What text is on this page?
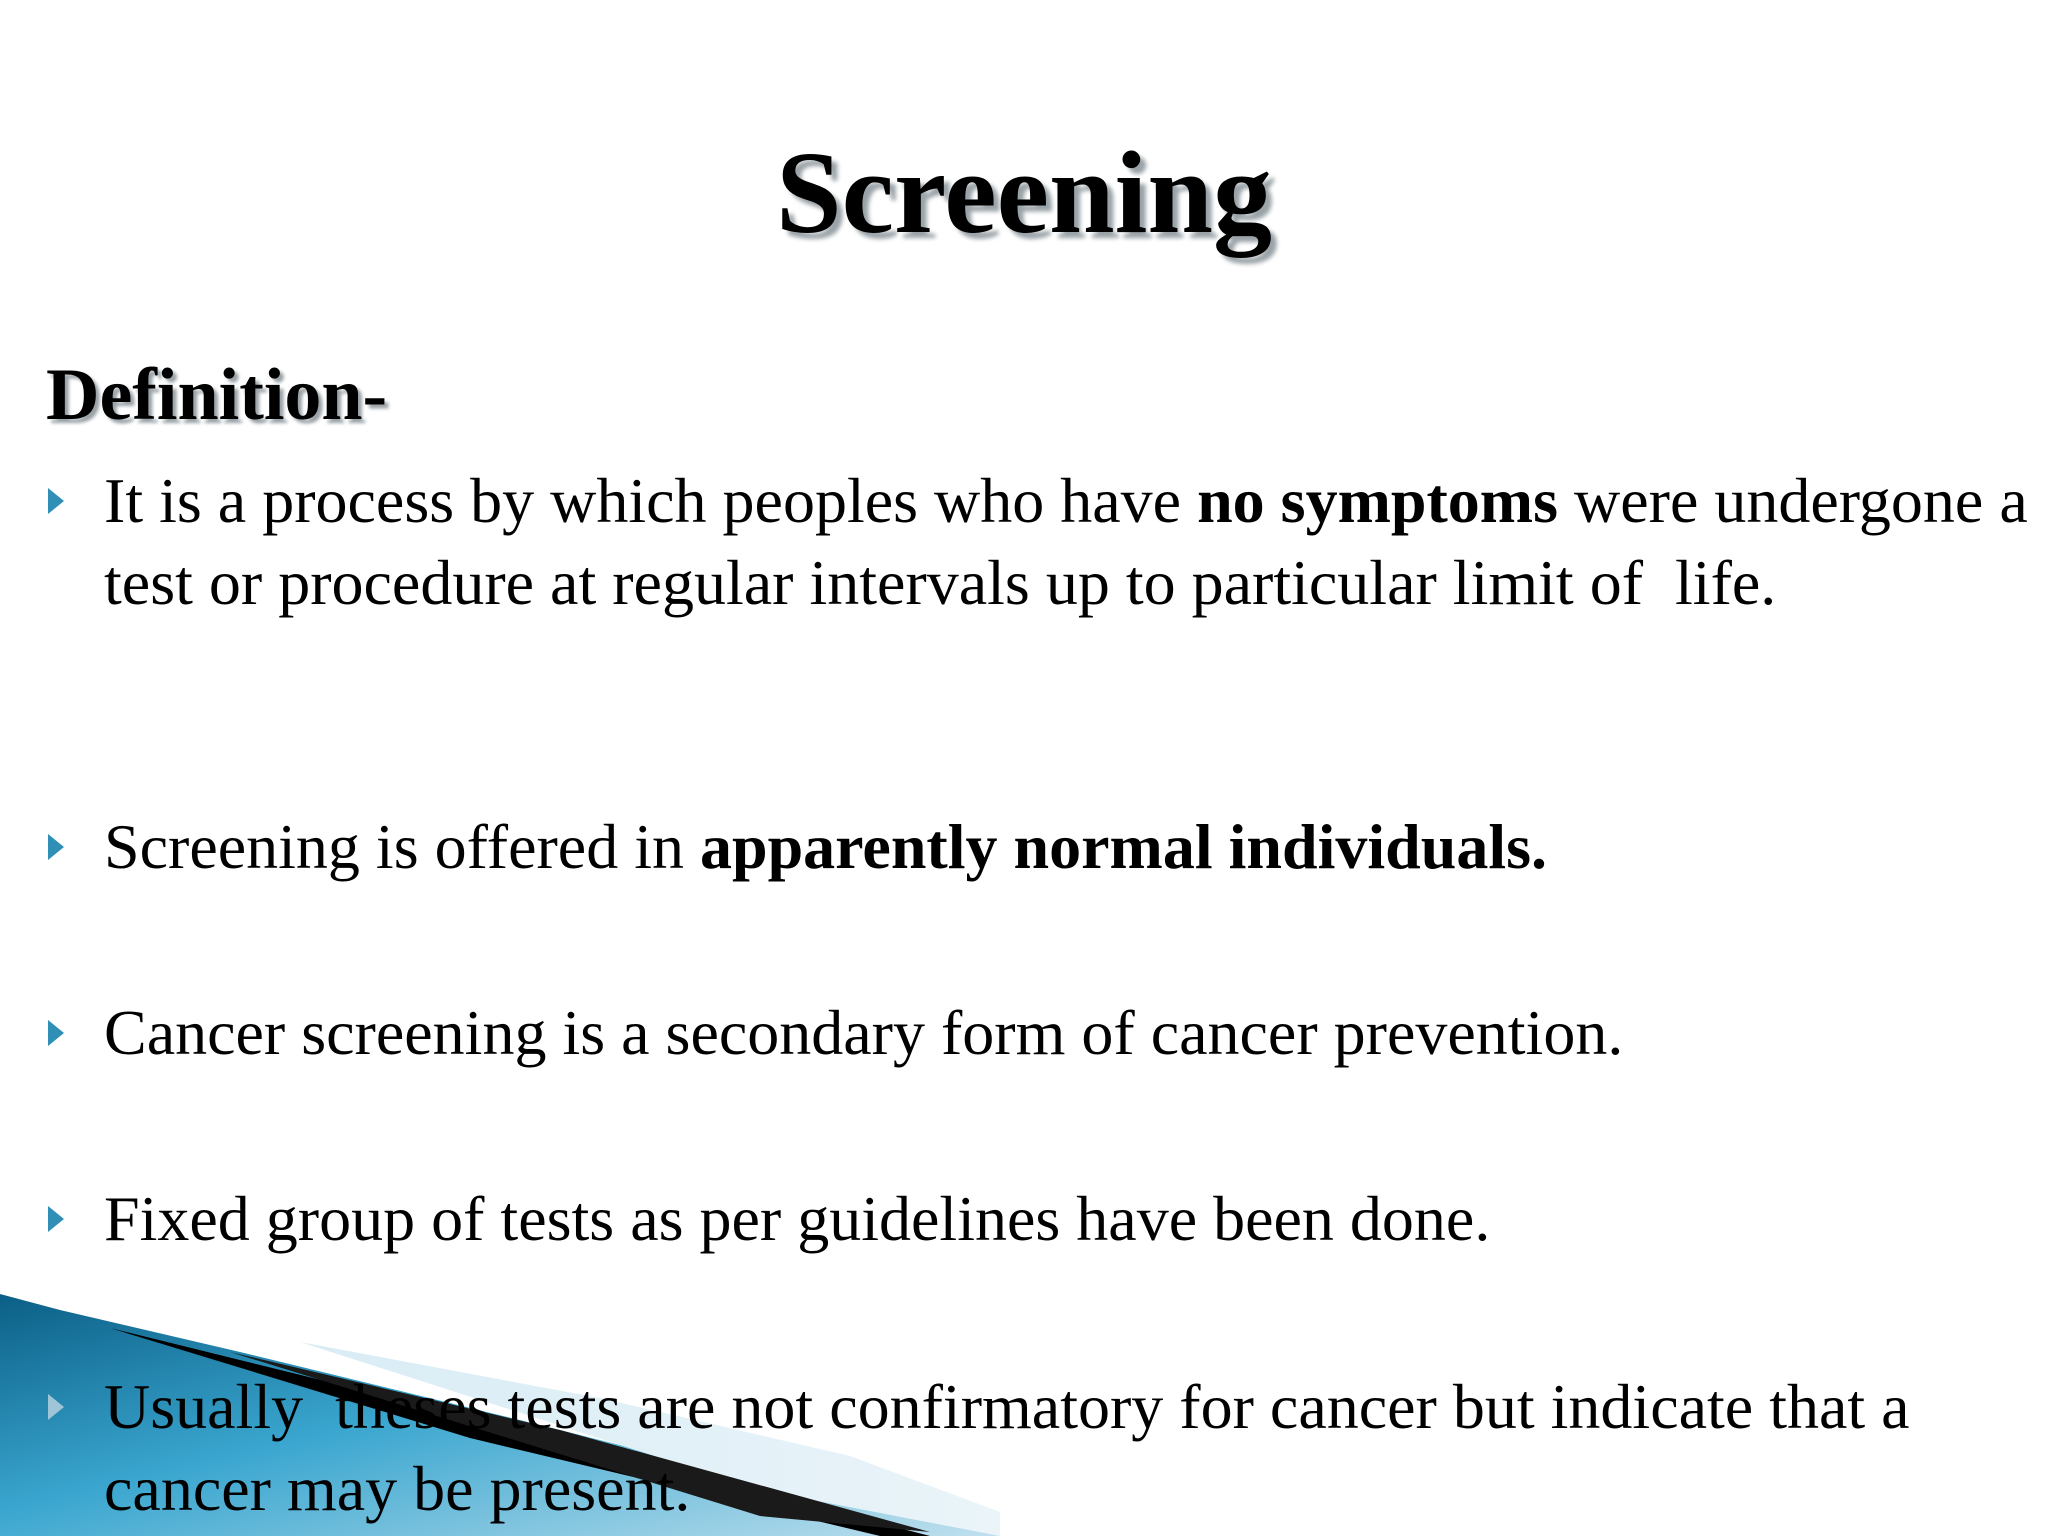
Screening
Definition-

It is a process by which peoples who have no symptoms were undergone a test or procedure at regular intervals up to particular limit of  life.

Screening is offered in apparently normal individuals.

Cancer screening is a secondary form of cancer prevention.

Fixed group of tests as per guidelines have been done.

Usually  theses tests are not confirmatory for cancer but indicate that a cancer may be present.
